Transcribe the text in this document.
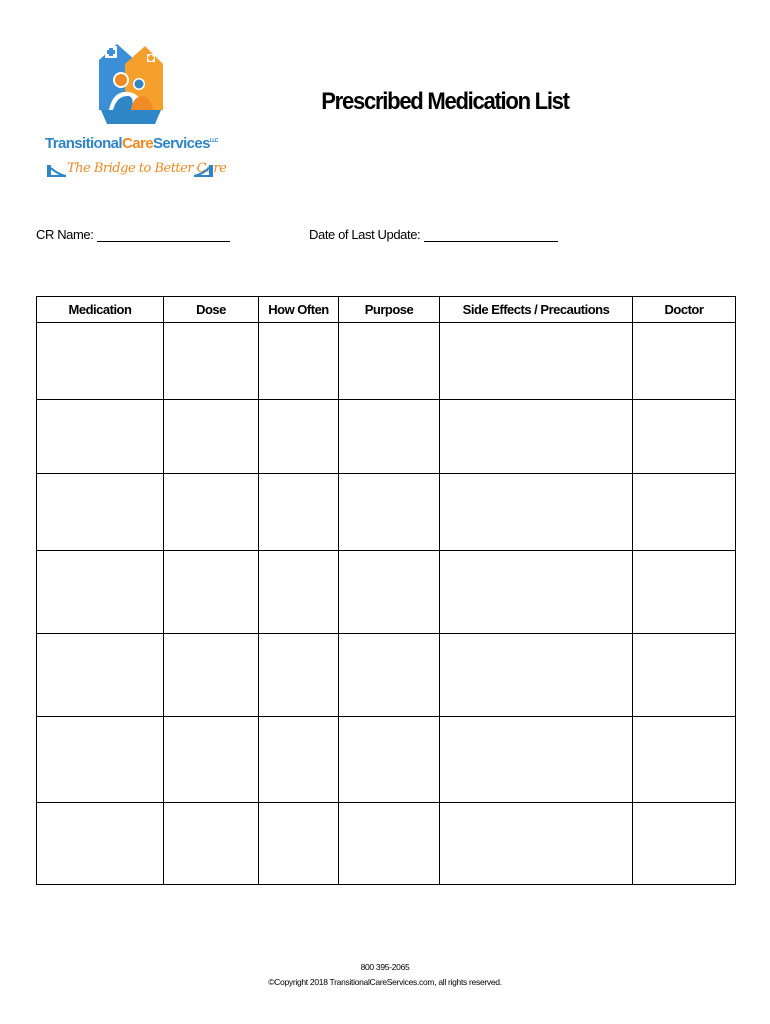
TransitionalCareServices$^{LLC}$
The Bridge to Better Care
Prescribed Medication List
CR Name:	Date of Last Update:
Medication	Dose	How Often	Purpose	Side Effects / Precautions	Doctor

800 395-2065
©Copyright 2018 TransitionalCareServices.com, all rights reserved.
